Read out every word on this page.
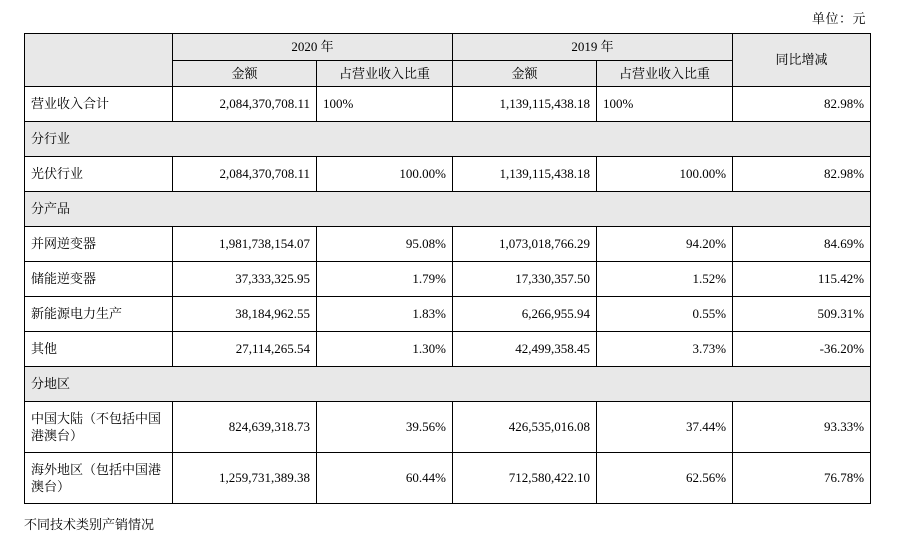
单位：元
	2020 年		2019 年		同比增减
	金额	占营业收入比重	金额	占营业收入比重	
营业收入合计	2,084,370,708.11	100%	1,139,115,438.18	100%	82.98%
分行业					
光伏行业	2,084,370,708.11	100.00%	1,139,115,438.18	100.00%	82.98%
分产品					
并网逆变器	1,981,738,154.07	95.08%	1,073,018,766.29	94.20%	84.69%
储能逆变器	37,333,325.95	1.79%	17,330,357.50	1.52%	115.42%
新能源电力生产	38,184,962.55	1.83%	6,266,955.94	0.55%	509.31%
其他	27,114,265.54	1.30%	42,499,358.45	3.73%	-36.20%
分地区					
中国大陆（不包括中国港澳台）	824,639,318.73	39.56%	426,535,016.08	37.44%	93.33%
海外地区（包括中国港澳台）	1,259,731,389.38	60.44%	712,580,422.10	62.56%	76.78%
不同技术类别产销情况
